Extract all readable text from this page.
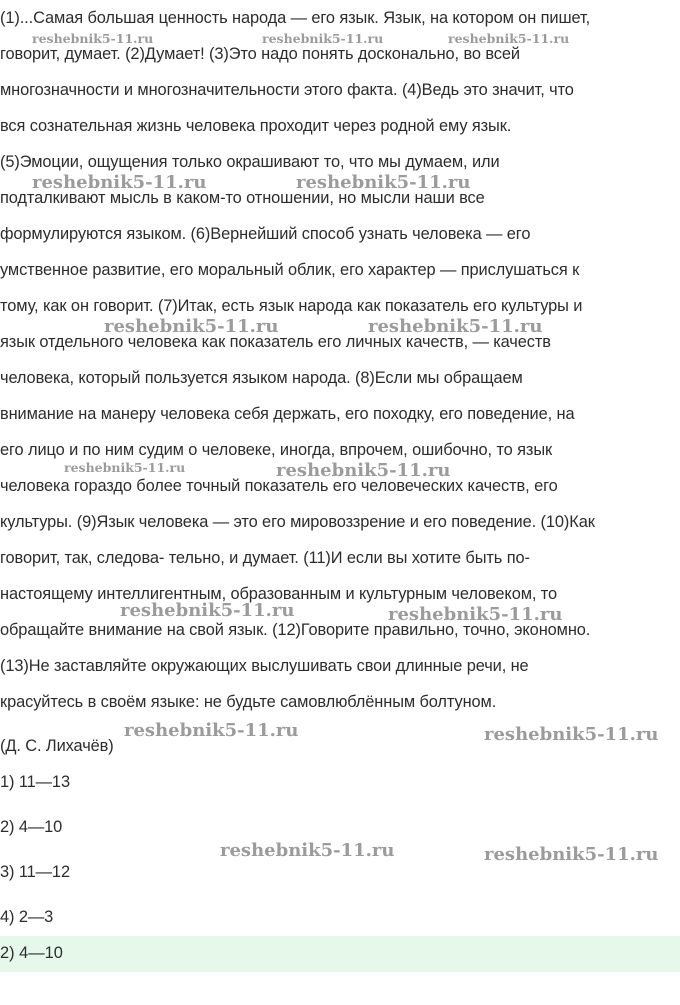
(1)...Самая большая ценность народа — его язык. Язык, на котором он пишет,

говорит, думает. (2)Думает! (3)Это надо понять досконально, во всей

многозначности и многозначительности этого факта. (4)Ведь это значит, что

вся сознательная жизнь человека проходит через родной ему язык.

(5)Эмоции, ощущения только окрашивают то, что мы думаем, или

подталкивают мысль в каком-то отношении, но мысли наши все

формулируются языком. (6)Вернейший способ узнать человека — его

умственное развитие, его моральный облик, его характер — прислушаться к

тому, как он говорит. (7)Итак, есть язык народа как показатель его культуры и

язык отдельного человека как показатель его личных качеств, — качеств

человека, который пользуется языком народа. (8)Если мы обращаем

внимание на манеру человека себя держать, его походку, его поведение, на

его лицо и по ним судим о человеке, иногда, впрочем, ошибочно, то язык

человека гораздо более точный показатель его человеческих качеств, его

культуры. (9)Язык человека — это его мировоззрение и его поведение. (10)Как

говорит, так, следова- тельно, и думает. (11)И если вы хотите быть по-

настоящему интеллигентным, образованным и культурным человеком, то

обращайте внимание на свой язык. (12)Говорите правильно, точно, экономно.

(13)Не заставляйте окружающих выслушивать свои длинные речи, не

красуйтесь в своём языке: не будьте самовлюблённым болтуном.

(Д. С. Лихачёв)

1) 11—13

2) 4—10

3) 11—12

4) 2—3

2) 4—10

reshebnik5-11.ru	reshebnik5-11.ru	reshebnik5-11.ru

reshebnik5-11.ru	reshebnik5-11.ru

reshebnik5-11.ru	reshebnik5-11.ru

reshebnik5-11.ru	reshebnik5-11.ru

reshebnik5-11.ru	reshebnik5-11.ru

reshebnik5-11.ru	reshebnik5-11.ru

reshebnik5-11.ru	reshebnik5-11.ru
